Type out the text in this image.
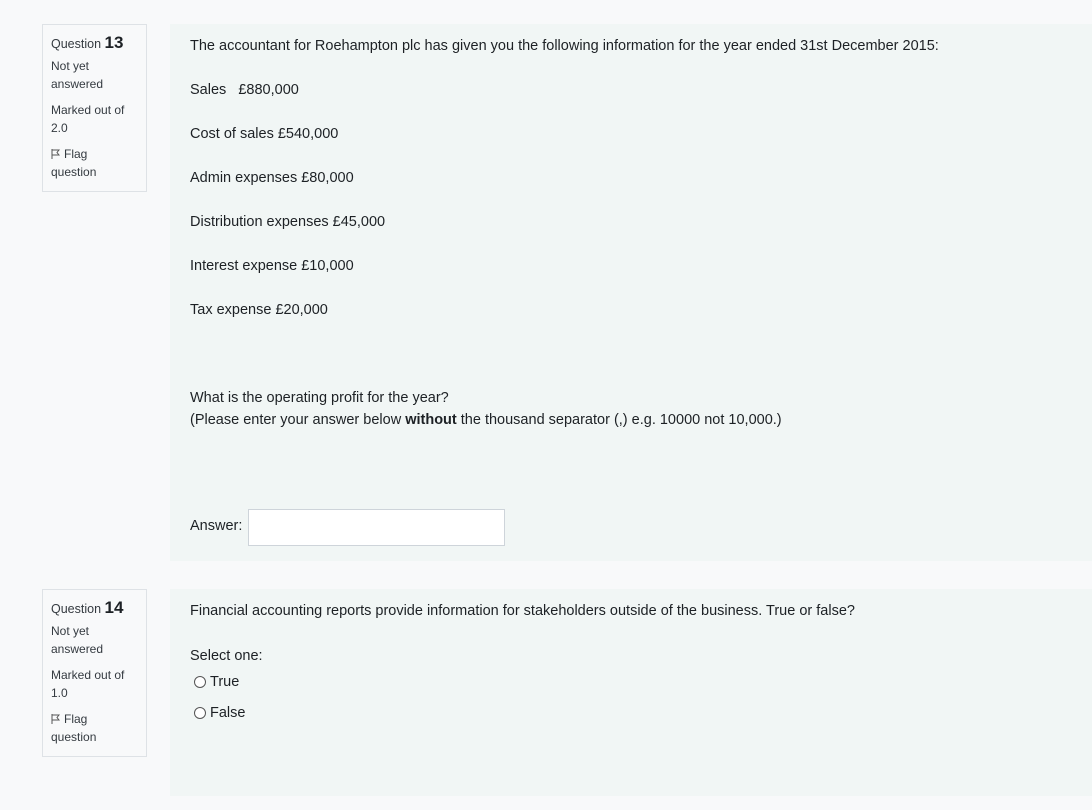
Question 13
Not yet
answered
Marked out of
2.0
Flag
question

The accountant for Roehampton plc has given you the following information for the year ended 31st December 2015:

Sales   £880,000

Cost of sales £540,000

Admin expenses £80,000

Distribution expenses £45,000

Interest expense £10,000

Tax expense £20,000

What is the operating profit for the year?

(Please enter your answer below without the thousand separator (,) e.g. 10000 not 10,000.)

Answer:
Question 14
Not yet
answered
Marked out of
1.0
Flag
question

Financial accounting reports provide information for stakeholders outside of the business. True or false?

Select one:

True
False
